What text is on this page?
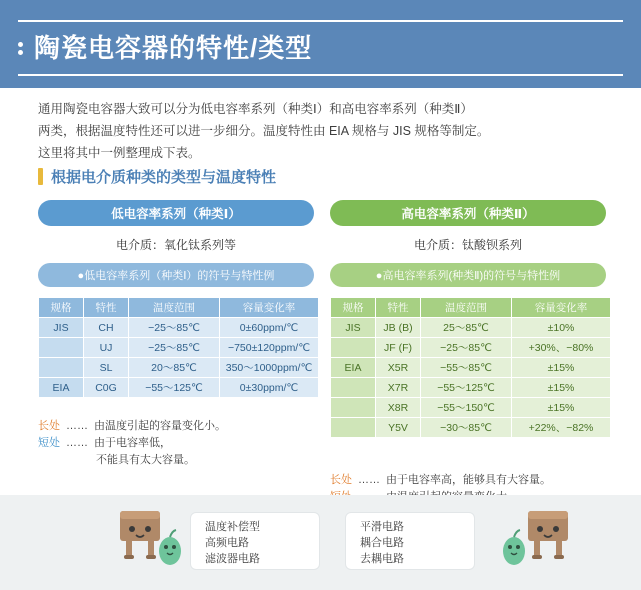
陶瓷电容器的特性/类型
通用陶瓷电容器大致可以分为低电容率系列（种类Ⅰ）和高电容率系列（种类Ⅱ）
两类，根据温度特性还可以进一步细分。温度特性由 EIA 规格与 JIS 规格等制定。
这里将其中一例整理成下表。
根据电介质种类的类型与温度特性
低电容率系列（种类Ⅰ）
电介质：氧化钛系列等
●低电容率系列（种类Ⅰ）的符号与特性例
规格	特性	温度范围	容量变化率
JIS	CH	−25～85℃	0±60ppm/℃
	UJ	−25～85℃	−750±120ppm/℃
	SL	20～85℃	350～1000ppm/℃
EIA	C0G	−55～125℃	0±30ppm/℃
高电容率系列（种类Ⅱ）
电介质：钛酸钡系列
●高电容率系列(种类Ⅱ)的符号与特性例
规格	特性	温度范围	容量变化率
JIS	JB (B)	25～85℃	±10%
	JF (F)	−25～85℃	+30%、−80%
EIA	X5R	−55～85℃	±15%
	X7R	−55～125℃	±15%
	X8R	−55～150℃	±15%
	Y5V	−30～85℃	+22%、−82%
长处 …… 由温度引起的容量变化小。
短处 …… 由于电容率低，
不能具有太大容量。
长处 …… 由于电容率高，能够具有大容量。
温度补偿型
高频电路
滤波器电路
平滑电路
耦合电路
去耦电路
